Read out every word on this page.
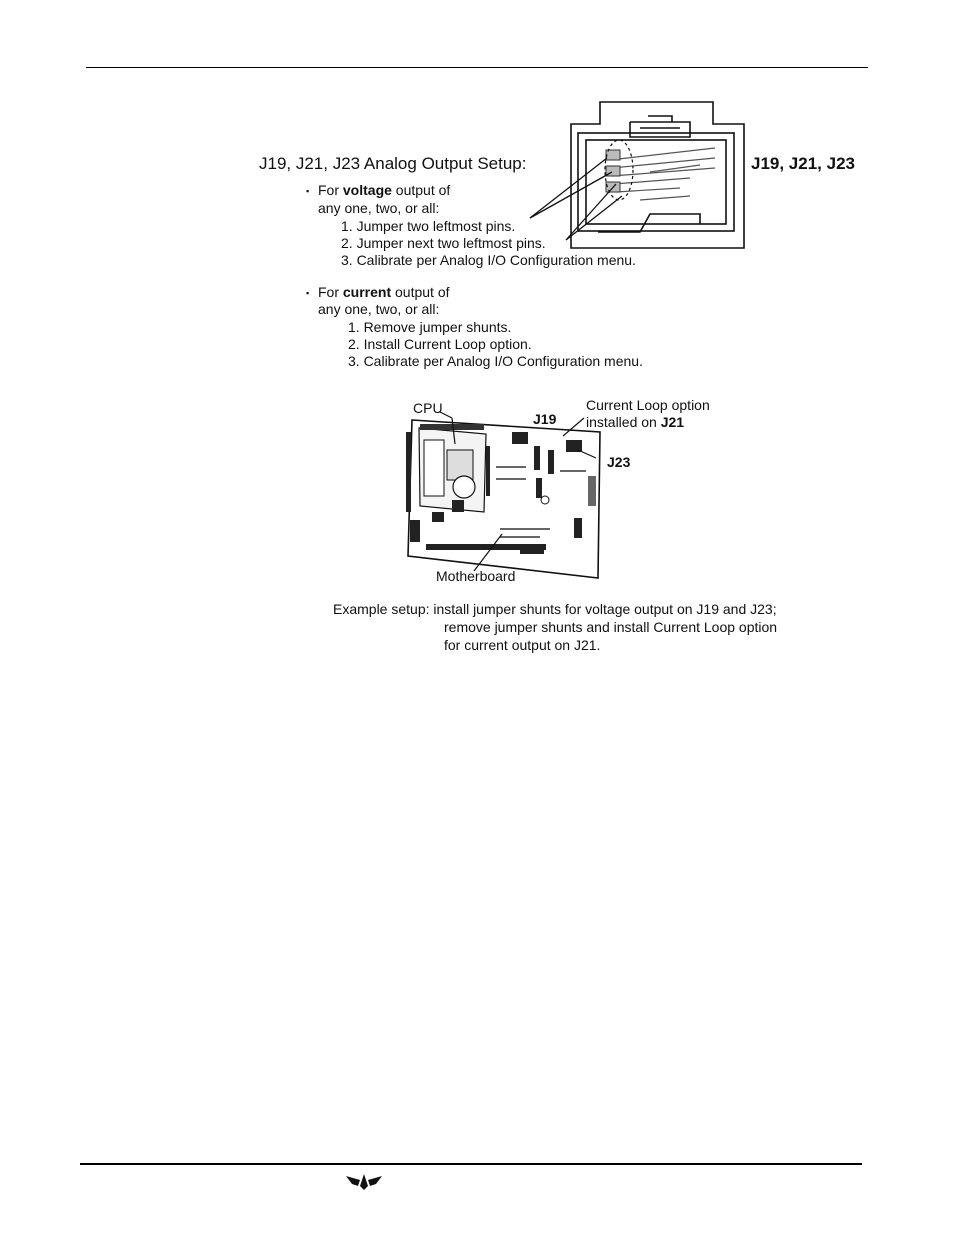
J19, J21, J23 Analog Output Setup:	J19, J21, J23
▪ For voltage output of
any one, two, or all:
1. Jumper two leftmost pins.
2. Jumper next two leftmost pins.
3. Calibrate per Analog I/O Configuration menu.
▪ For current output of
any one, two, or all:
1. Remove jumper shunts.
2. Install Current Loop option.
3. Calibrate per Analog I/O Configuration menu.
CPU
J19
Current Loop option
installed on J21
J23
Motherboard
Example setup: install jumper shunts for voltage output on J19 and J23;
remove jumper shunts and install Current Loop option
for current output on J21.
